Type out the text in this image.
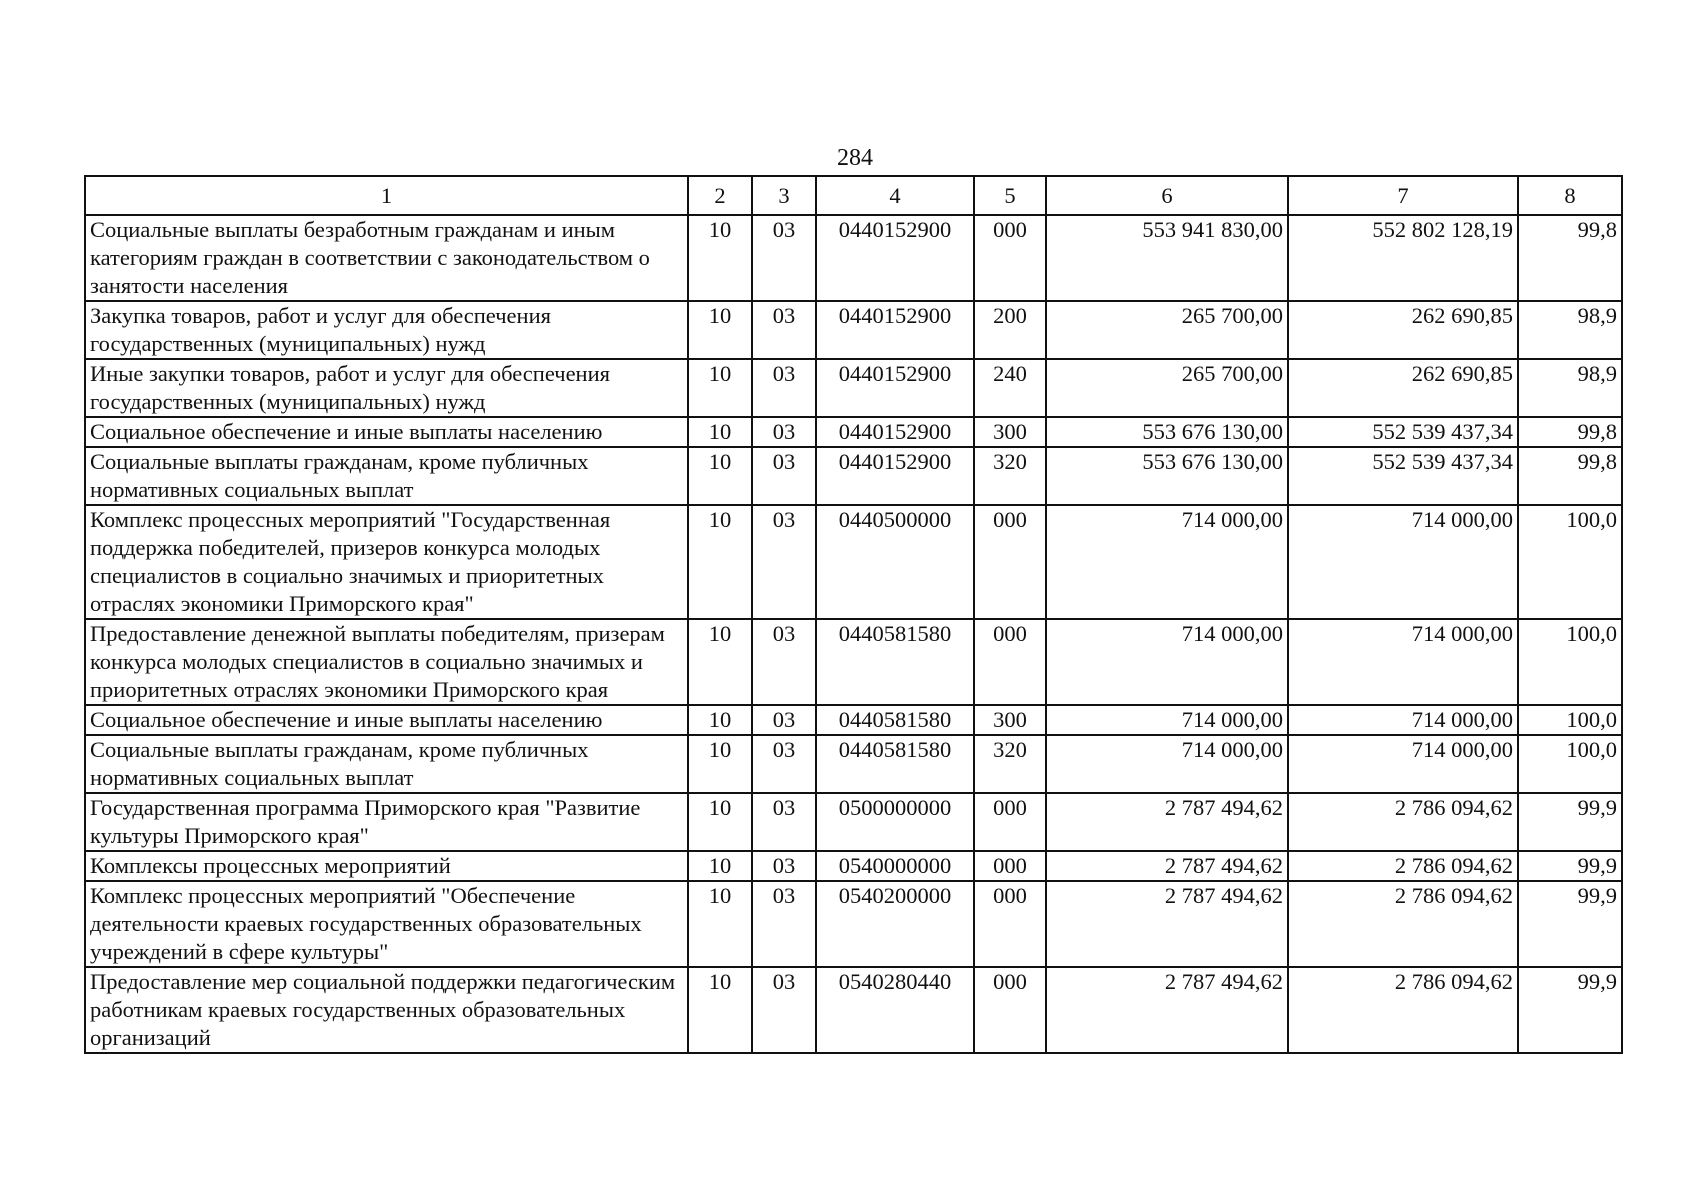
284
1	2	3	4	5	6	7	8
Социальные выплаты безработным гражданам и иным категориям граждан в соответствии с законодательством о занятости населения	10	03	0440152900	000	553 941 830,00	552 802 128,19	99,8
Закупка товаров, работ и услуг для обеспечения государственных (муниципальных) нужд	10	03	0440152900	200	265 700,00	262 690,85	98,9
Иные закупки товаров, работ и услуг для обеспечения государственных (муниципальных) нужд	10	03	0440152900	240	265 700,00	262 690,85	98,9
Социальное обеспечение и иные выплаты населению	10	03	0440152900	300	553 676 130,00	552 539 437,34	99,8
Социальные выплаты гражданам, кроме публичных нормативных социальных выплат	10	03	0440152900	320	553 676 130,00	552 539 437,34	99,8
Комплекс процессных мероприятий "Государственная поддержка победителей, призеров конкурса молодых специалистов в социально значимых и приоритетных отраслях экономики Приморского края"	10	03	0440500000	000	714 000,00	714 000,00	100,0
Предоставление денежной выплаты победителям, призерам конкурса молодых специалистов в социально значимых и приоритетных отраслях экономики Приморского края	10	03	0440581580	000	714 000,00	714 000,00	100,0
Социальное обеспечение и иные выплаты населению	10	03	0440581580	300	714 000,00	714 000,00	100,0
Социальные выплаты гражданам, кроме публичных нормативных социальных выплат	10	03	0440581580	320	714 000,00	714 000,00	100,0
Государственная программа Приморского края "Развитие культуры Приморского края"	10	03	0500000000	000	2 787 494,62	2 786 094,62	99,9
Комплексы процессных мероприятий	10	03	0540000000	000	2 787 494,62	2 786 094,62	99,9
Комплекс процессных мероприятий "Обеспечение деятельности краевых государственных образовательных учреждений в сфере культуры"	10	03	0540200000	000	2 787 494,62	2 786 094,62	99,9
Предоставление мер социальной поддержки педагогическим работникам краевых государственных образовательных организаций	10	03	0540280440	000	2 787 494,62	2 786 094,62	99,9
